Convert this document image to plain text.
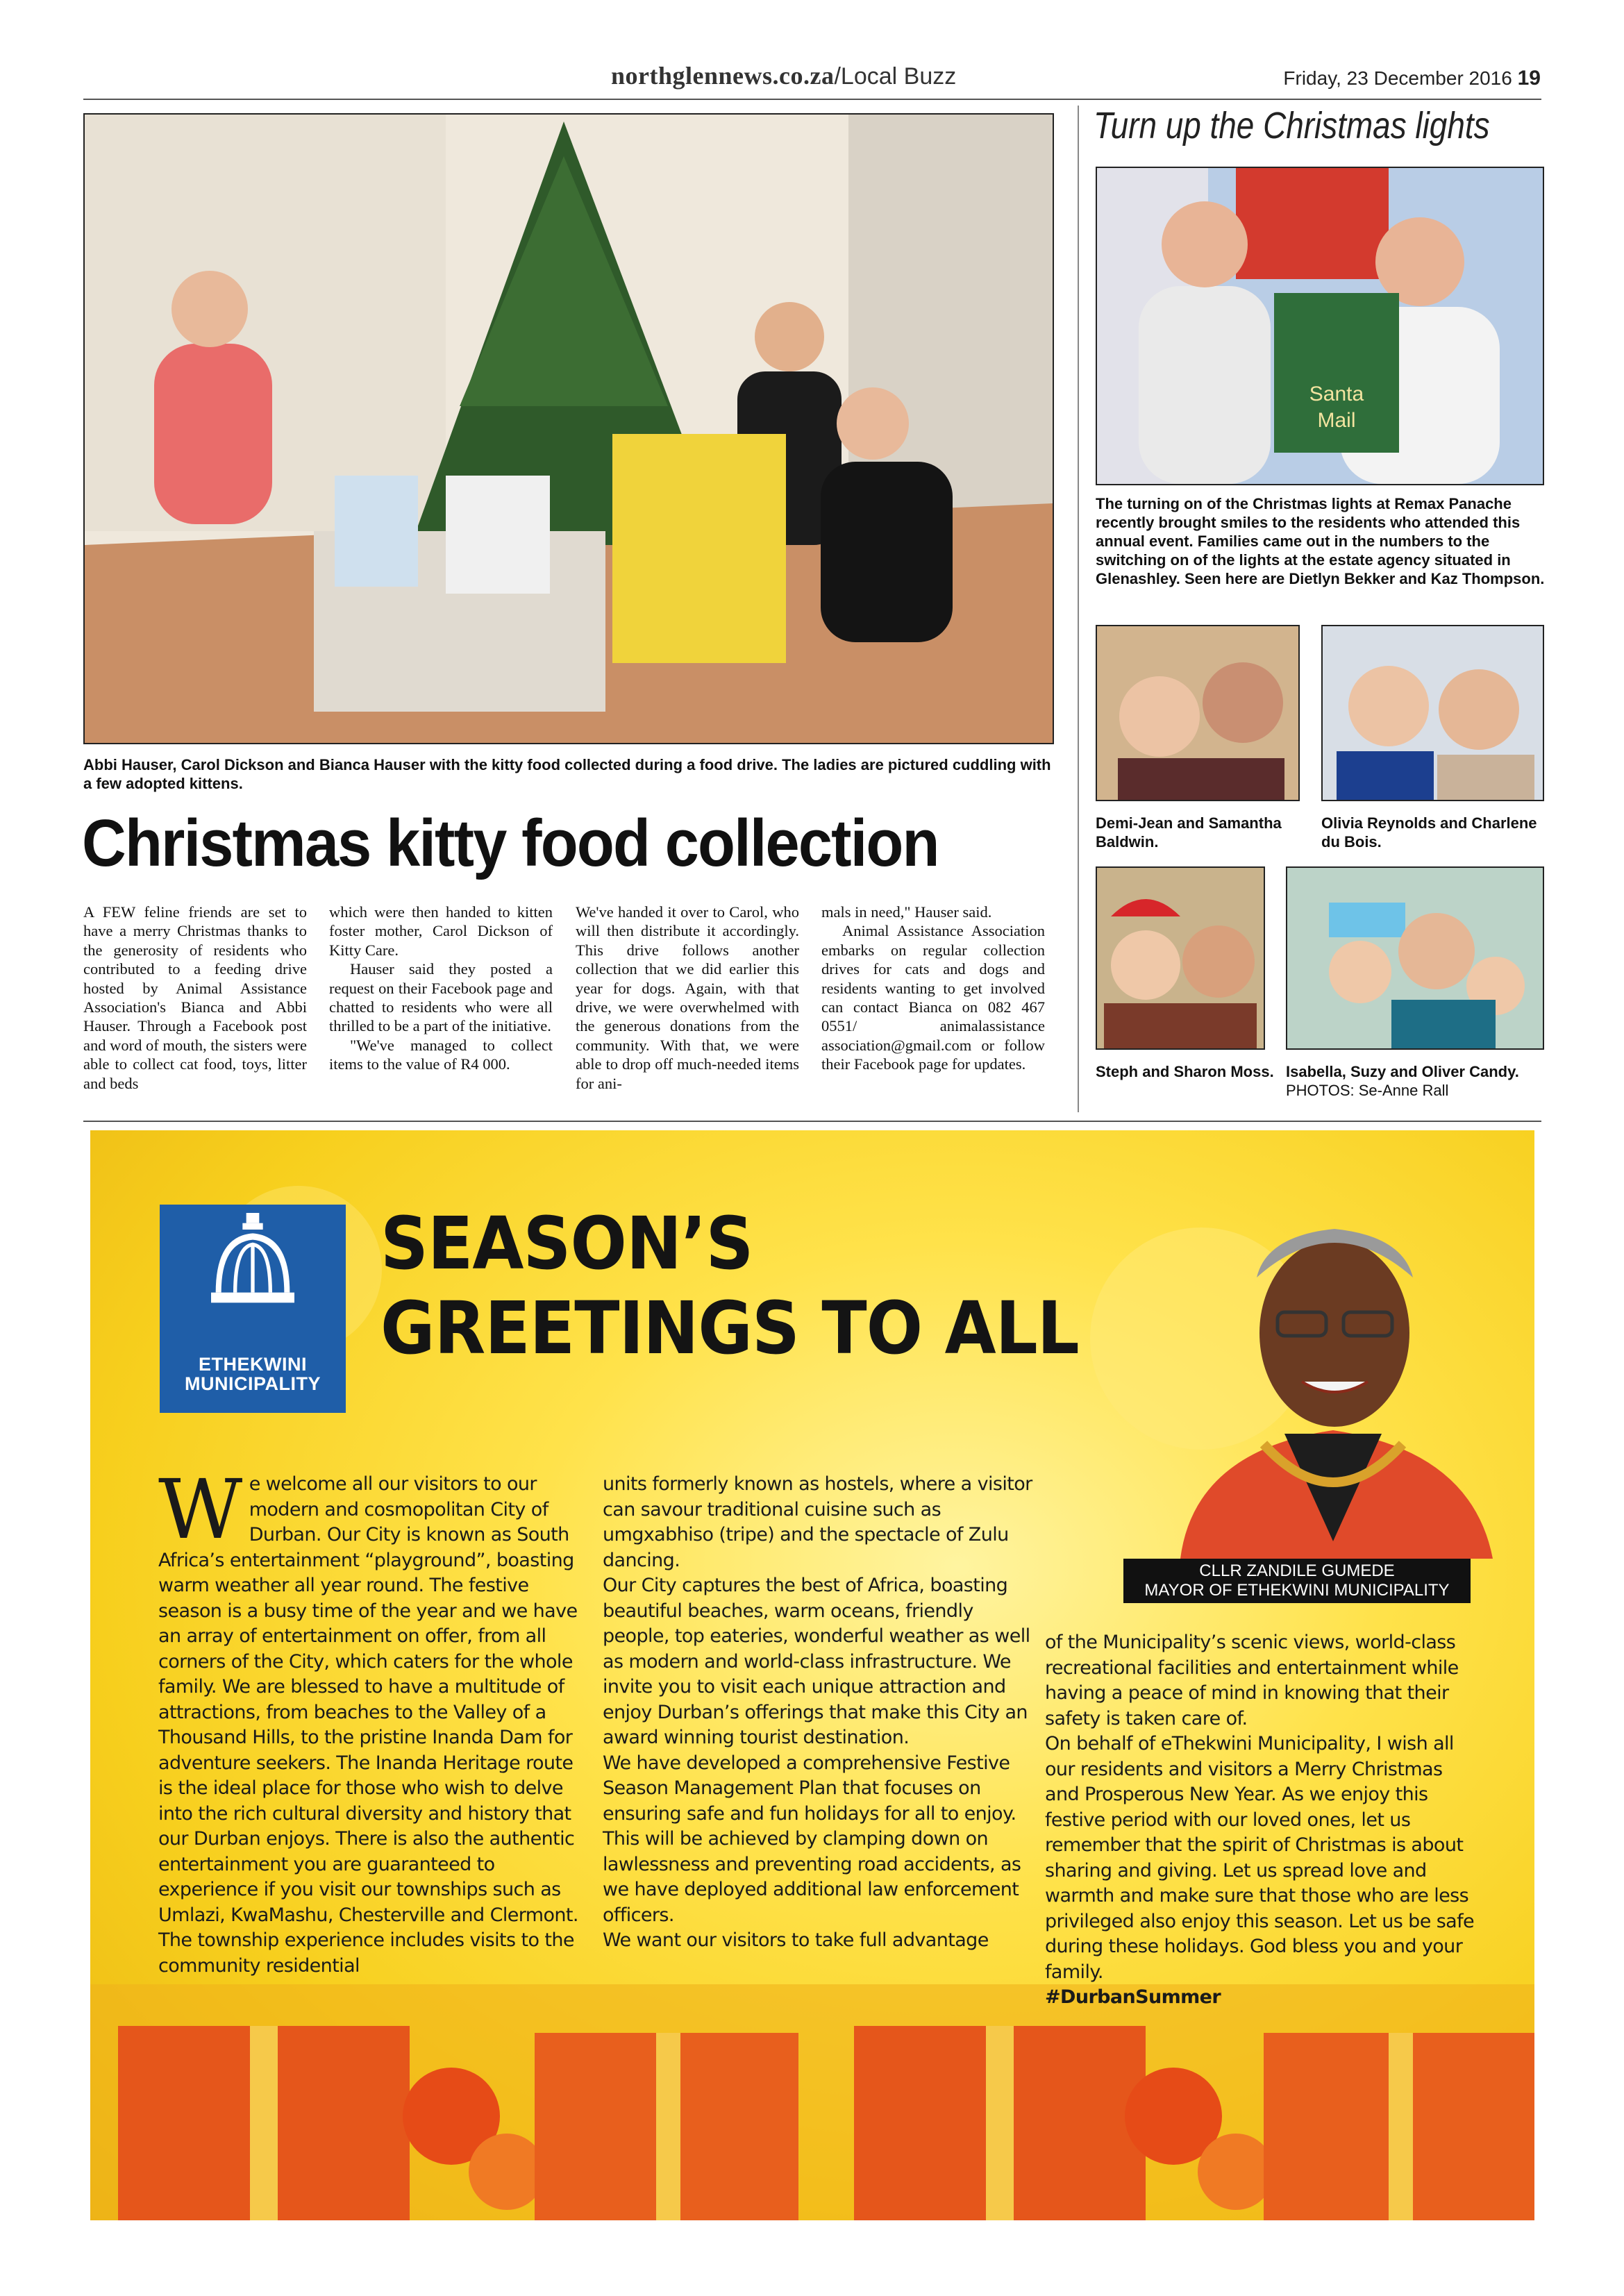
northglennews.co.za/Local Buzz	Friday, 23 December 2016 19
Abbi Hauser, Carol Dickson and Bianca Hauser with the kitty food collected during a food drive. The ladies are pictured cuddling with a few adopted kittens.
Christmas kitty food collection

A FEW feline friends are set to have a merry Christmas thanks to the generosity of residents who contributed to a feeding drive hosted by Animal Assistance Association's Bianca and Abbi Hauser. Through a Facebook post and word of mouth, the sisters were able to collect cat food, toys, litter and beds

which were then handed to kitten foster mother, Carol Dickson of Kitty Care.

Hauser said they posted a request on their Facebook page and chatted to residents who were all thrilled to be a part of the initiative.

"We've managed to collect items to the value of R4 000.

We've handed it over to Carol, who will then distribute it accordingly. This drive follows another collection that we did earlier this year for dogs. Again, with that drive, we were overwhelmed with the generous donations from the community. With that, we were able to drop off much-needed items for ani-

mals in need," Hauser said.

Animal Assistance Association embarks on regular collection drives for cats and dogs and residents wanting to get involved can contact Bianca on 082 467 0551/ animalassistance association@gmail.com or follow their Facebook page for updates.

Turn up the Christmas lights
Santa
Mail
The turning on of the Christmas lights at Remax Panache recently brought smiles to the residents who attended this annual event. Families came out in the numbers to the switching on of the lights at the estate agency situated in Glenashley. Seen here are Dietlyn Bekker and Kaz Thompson.
Demi-Jean and Samantha Baldwin.
Olivia Reynolds and Charlene du Bois.
Steph and Sharon Moss. Isabella, Suzy and Oliver Candy.
PHOTOS: Se-Anne Rall
ETHEKWINI
MUNICIPALITY
SEASON’S
GREETINGS TO ALL
CLLR ZANDILE GUMEDE
MAYOR OF ETHEKWINI MUNICIPALITY
W e welcome all our visitors to our modern and cosmopolitan City of Durban. Our City is known as South Africa’s entertainment “playground”, boasting warm weather all year round. The festive season is a busy time of the year and we have an array of entertainment on offer, from all corners of the City, which caters for the whole family. We are blessed to have a multitude of attractions, from beaches to the Valley of a Thousand Hills, to the pristine Inanda Dam for adventure seekers. The Inanda Heritage route is the ideal place for those who wish to delve into the rich cultural diversity and history that our Durban enjoys. There is also the authentic entertainment you are guaranteed to experience if you visit our townships such as Umlazi, KwaMashu, Chesterville and Clermont. The township experience includes visits to the community residential

units formerly known as hostels, where a visitor can savour traditional cuisine such as umgxabhiso (tripe) and the spectacle of Zulu dancing.

Our City captures the best of Africa, boasting beautiful beaches, warm oceans, friendly people, top eateries, wonderful weather as well as modern and world-class infrastructure. We invite you to visit each unique attraction and enjoy Durban’s offerings that make this City an award winning tourist destination.

We have developed a comprehensive Festive Season Management Plan that focuses on ensuring safe and fun holidays for all to enjoy. This will be achieved by clamping down on lawlessness and preventing road accidents, as we have deployed additional law enforcement officers.

We want our visitors to take full advantage

of the Municipality’s scenic views, world-class recreational facilities and entertainment while having a peace of mind in knowing that their safety is taken care of.

On behalf of eThekwini Municipality, I wish all our residents and visitors a Merry Christmas and Prosperous New Year. As we enjoy this festive period with our loved ones, let us remember that the spirit of Christmas is about sharing and giving. Let us spread love and warmth and make sure that those who are less privileged also enjoy this season. Let us be safe during these holidays. God bless you and your family.

#DurbanSummer
